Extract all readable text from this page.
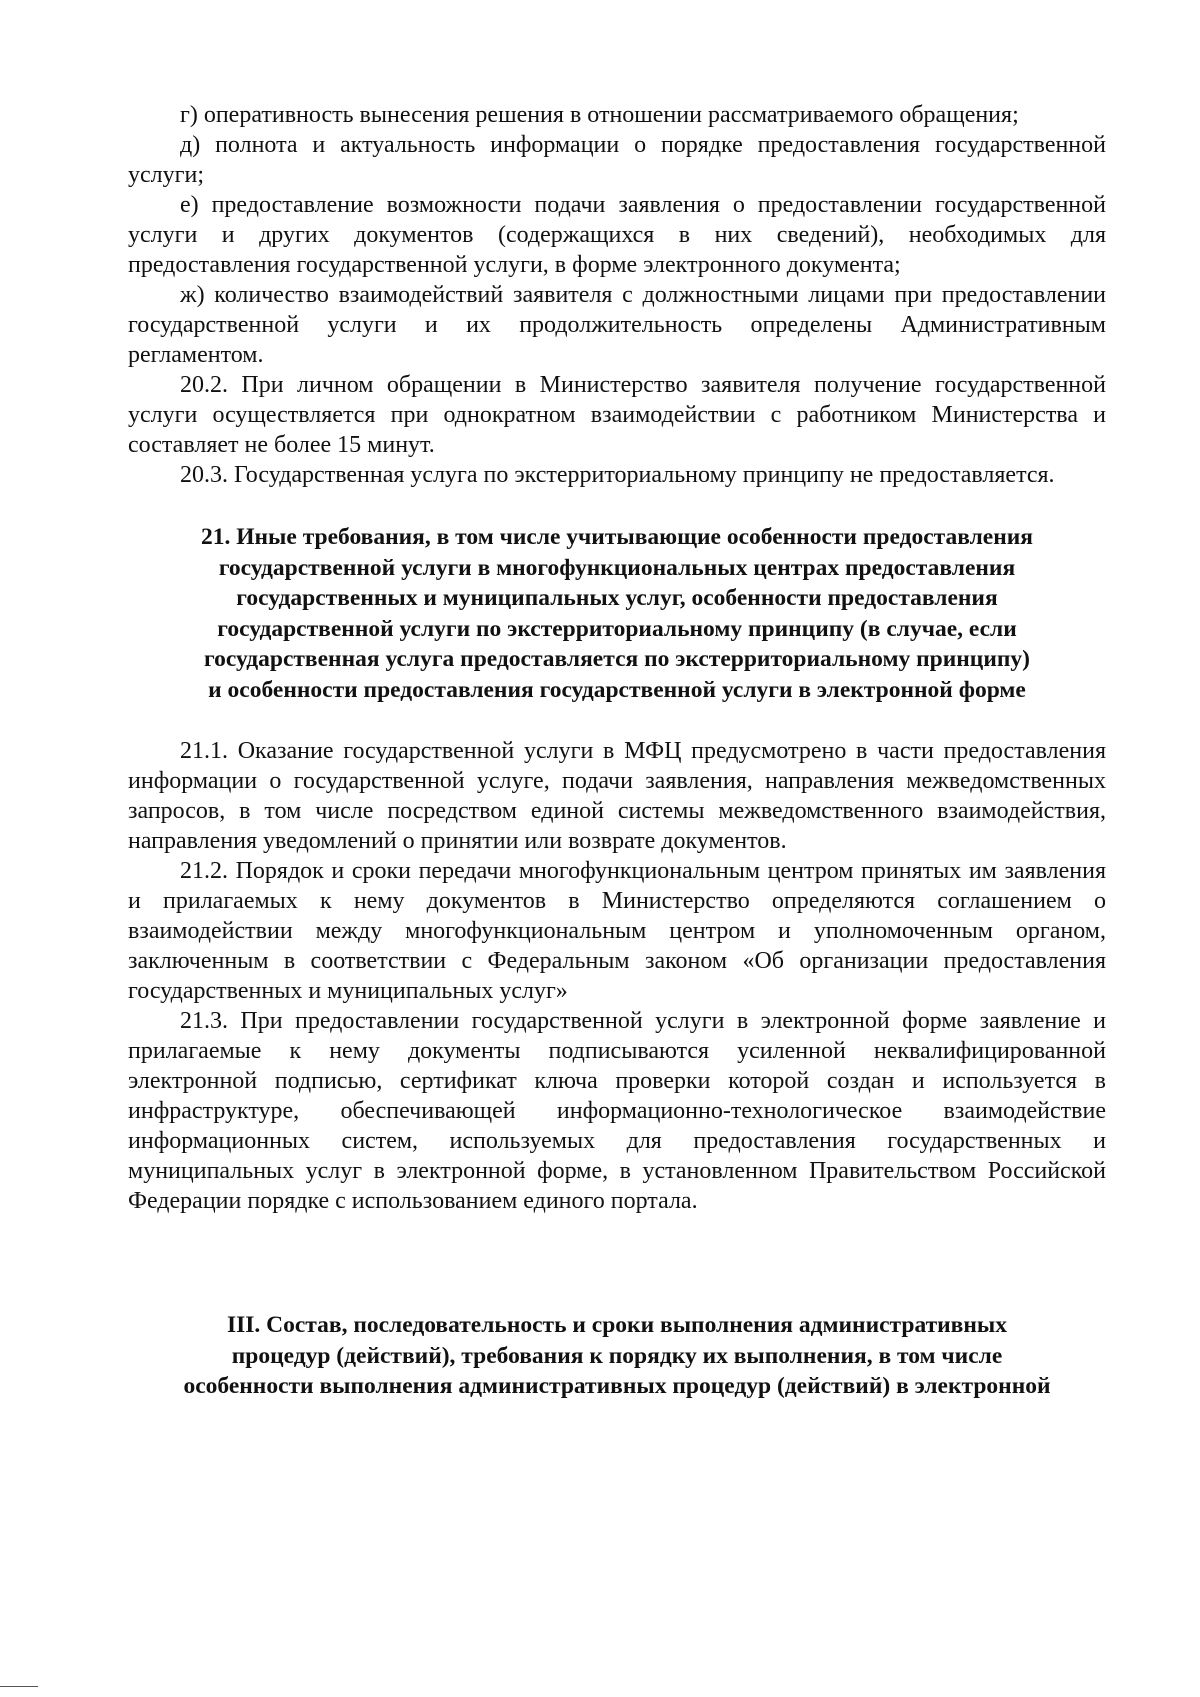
г) оперативность вынесения решения в отношении рассматриваемого обращения;

д) полнота и актуальность информации о порядке предоставления государственной услуги;

е) предоставление возможности подачи заявления о предоставлении государственной услуги и других документов (содержащихся в них сведений), необходимых для предоставления государственной услуги, в форме электронного документа;

ж) количество взаимодействий заявителя с должностными лицами при предоставлении государственной услуги и их продолжительность определены Административным регламентом.

20.2. При личном обращении в Министерство заявителя получение государственной услуги осуществляется при однократном взаимодействии с работником Министерства и составляет не более 15 минут.

20.3. Государственная услуга по экстерриториальному принципу не предоставляется.

21. Иные требования, в том числе учитывающие особенности предоставления

государственной услуги в многофункциональных центрах предоставления

государственных и муниципальных услуг, особенности предоставления

государственной услуги по экстерриториальному принципу (в случае, если

государственная услуга предоставляется по экстерриториальному принципу)

и особенности предоставления государственной услуги в электронной форме

21.1. Оказание государственной услуги в МФЦ предусмотрено в части предоставления информации о государственной услуге, подачи заявления, направления межведомственных запросов, в том числе посредством единой системы межведомственного взаимодействия, направления уведомлений о принятии или возврате документов.

21.2. Порядок и сроки передачи многофункциональным центром принятых им заявления и прилагаемых к нему документов в Министерство определяются соглашением о взаимодействии между многофункциональным центром и уполномоченным органом, заключенным в соответствии с Федеральным законом «Об организации предоставления государственных и муниципальных услуг»

21.3. При предоставлении государственной услуги в электронной форме заявление и прилагаемые к нему документы подписываются усиленной неквалифицированной электронной подписью, сертификат ключа проверки которой создан и используется в инфраструктуре, обеспечивающей информационно-технологическое взаимодействие информационных систем, используемых для предоставления государственных и муниципальных услуг в электронной форме, в установленном Правительством Российской Федерации порядке с использованием единого портала.

III. Состав, последовательность и сроки выполнения административных

процедур (действий), требования к порядку их выполнения, в том числе

особенности выполнения административных процедур (действий) в электронной
